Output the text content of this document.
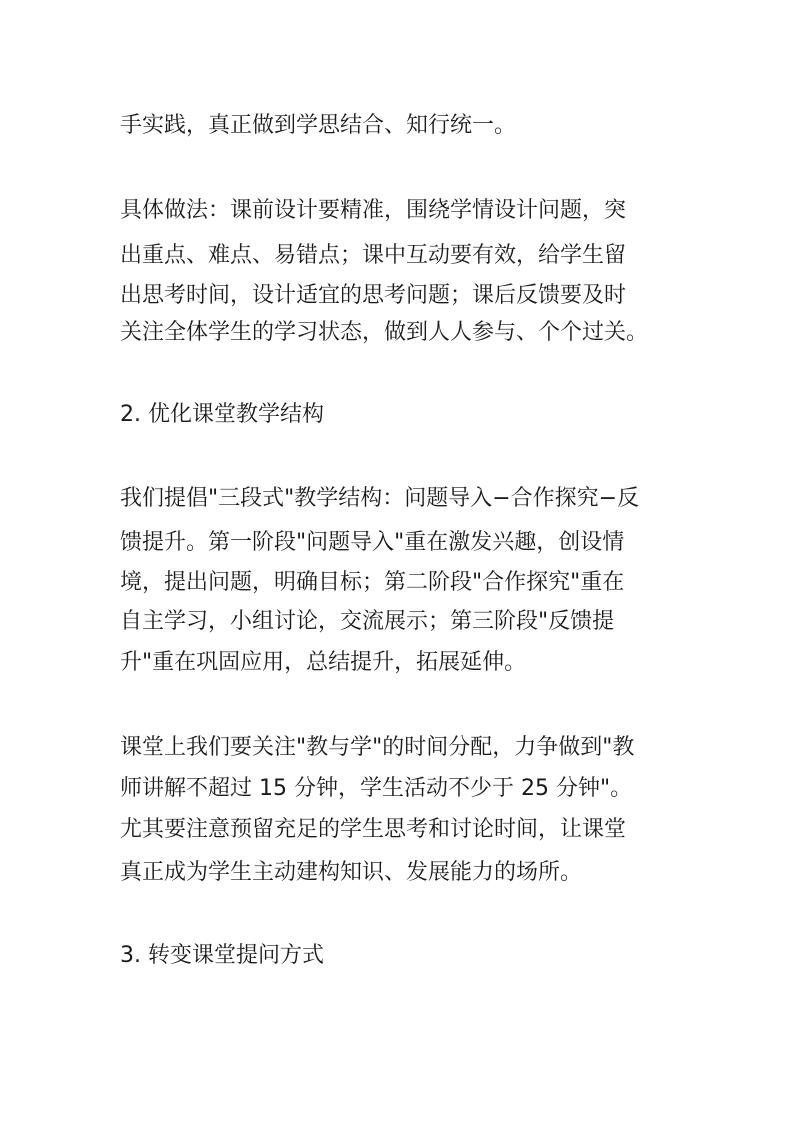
手实践，真正做到学思结合、知行统一。
具体做法：课前设计要精准，围绕学情设计问题，突
出重点、难点、易错点；课中互动要有效，给学生留
出思考时间，设计适宜的思考问题；课后反馈要及时
关注全体学生的学习状态，做到人人参与、个个过关。
2. 优化课堂教学结构
我们提倡"三段式"教学结构：问题导入−合作探究−反
馈提升。第一阶段"问题导入"重在激发兴趣，创设情
境，提出问题，明确目标；第二阶段"合作探究"重在
自主学习，小组讨论，交流展示；第三阶段"反馈提
升"重在巩固应用，总结提升，拓展延伸。
课堂上我们要关注"教与学"的时间分配，力争做到"教
师讲解不超过 15 分钟，学生活动不少于 25 分钟"。
尤其要注意预留充足的学生思考和讨论时间，让课堂
真正成为学生主动建构知识、发展能力的场所。
3. 转变课堂提问方式
